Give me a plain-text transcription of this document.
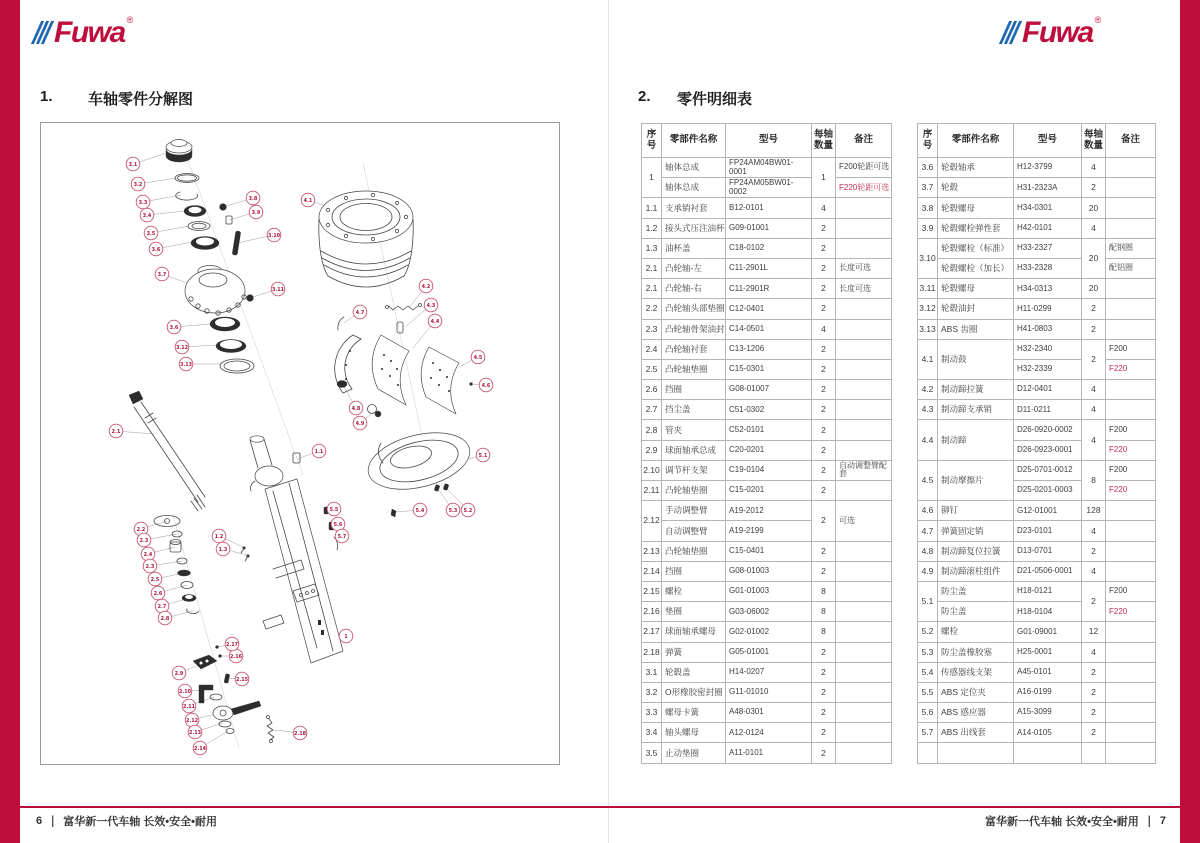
Fuwa ®	Fuwa ®
1.	车轴零件分解图	2.	零件明细表
3.1
3.2
3.3
3.4
3.5
3.6
3.7
3.8
3.9
3.10
3.11
3.6
3.12
3.13
4.1
4.2
4.3
4.4
4.5
4.6
4.7
4.8
4.9
1
1.1
1.2
1.3
2.1
2.2
2.3
2.4
2.3
2.5
2.6
2.7
2.8
2.9
2.10
2.11
2.12
2.13
2.14
2.15
2.16
2.17
2.18
5.1
5.2
5.3
5.4
5.5
5.6
5.7
序号	零部件名称	型号	每轴数量	备注
1	轴体总成	FP24AM04BW01-0001	1	F200轮距可选
	轴体总成	FP24AM05BW01-0002		F220轮距可选
1.1	支承销衬套	B12-0101	4	
1.2	接头式压注油杯	G09-01001	2	
1.3	油杯盖	C18-0102	2	
2.1	凸轮轴-左	C11-2901L	2	长度可选
2.1	凸轮轴-右	C11-2901R	2	长度可选
2.2	凸轮轴头部垫圈	C12-0401	2	
2.3	凸轮轴骨架油封	C14-0501	4	
2.4	凸轮轴衬套	C13-1206	2	
2.5	凸轮轴垫圈	C15-0301	2	
2.6	挡圈	G08-01007	2	
2.7	挡尘盖	C51-0302	2	
2.8	管夹	C52-0101	2	
2.9	球面轴承总成	C20-0201	2	
2.10	调节杆支架	C19-0104	2	自动调整臂配套
2.11	凸轮轴垫圈	C15-0201	2	
2.12	手动调整臂	A19-2012	2	可选
	自动调整臂	A19-2199		
2.13	凸轮轴垫圈	C15-0401	2	
2.14	挡圈	G08-01003	2	
2.15	螺栓	G01-01003	8	
2.16	垫圈	G03-06002	8	
2.17	球面轴承螺母	G02-01002	8	
2.18	弹簧	G05-01001	2	
3.1	轮毂盖	H14-0207	2	
3.2	O形橡胶密封圈	G11-01010	2	
3.3	螺母卡簧	A48-0301	2	
3.4	轴头螺母	A12-0124	2	
3.5	止动垫圈	A11-0101	2	
序号	零部件名称	型号	每轴数量	备注
3.6	轮毂轴承	H12-3799	4	
3.7	轮毂	H31-2323A	2	
3.8	轮毂螺母	H34-0301	20	
3.9	轮毂螺栓弹性套	H42-0101	4	
3.10	轮毂螺栓（标准）	H33-2327	20	配钢圈
	轮毂螺栓（加长）	H33-2328		配铝圈
3.11	轮毂螺母	H34-0313	20	
3.12	轮毂油封	H11-0299	2	
3.13	ABS 齿圈	H41-0803	2	
4.1	制动鼓	H32-2340	2	F200
		H32-2339		F220
4.2	制动蹄拉簧	D12-0401	4	
4.3	制动蹄支承销	D11-0211	4	
4.4	制动蹄	D26-0920-0002	4	F200
		D26-0923-0001		F220
4.5	制动摩擦片	D25-0701-0012	8	F200
		D25-0201-0003		F220
4.6	铆钉	G12-01001	128	
4.7	弹簧固定销	D23-0101	4	
4.8	制动蹄复位拉簧	D13-0701	2	
4.9	制动蹄滚柱组件	D21-0506-0001	4	
5.1	防尘盖	H18-0121	2	F200
	防尘盖	H18-0104		F220
5.2	螺栓	G01-09001	12	
5.3	防尘盖橡胶塞	H25-0001	4	
5.4	传感器线支架	A45-0101	2	
5.5	ABS 定位夹	A16-0199	2	
5.6	ABS 感应器	A15-3099	2	
5.7	ABS 出线套	A14-0105	2	

6 | 富华新一代车轴 长效•安全•耐用	富华新一代车轴 长效•安全•耐用 | 7
